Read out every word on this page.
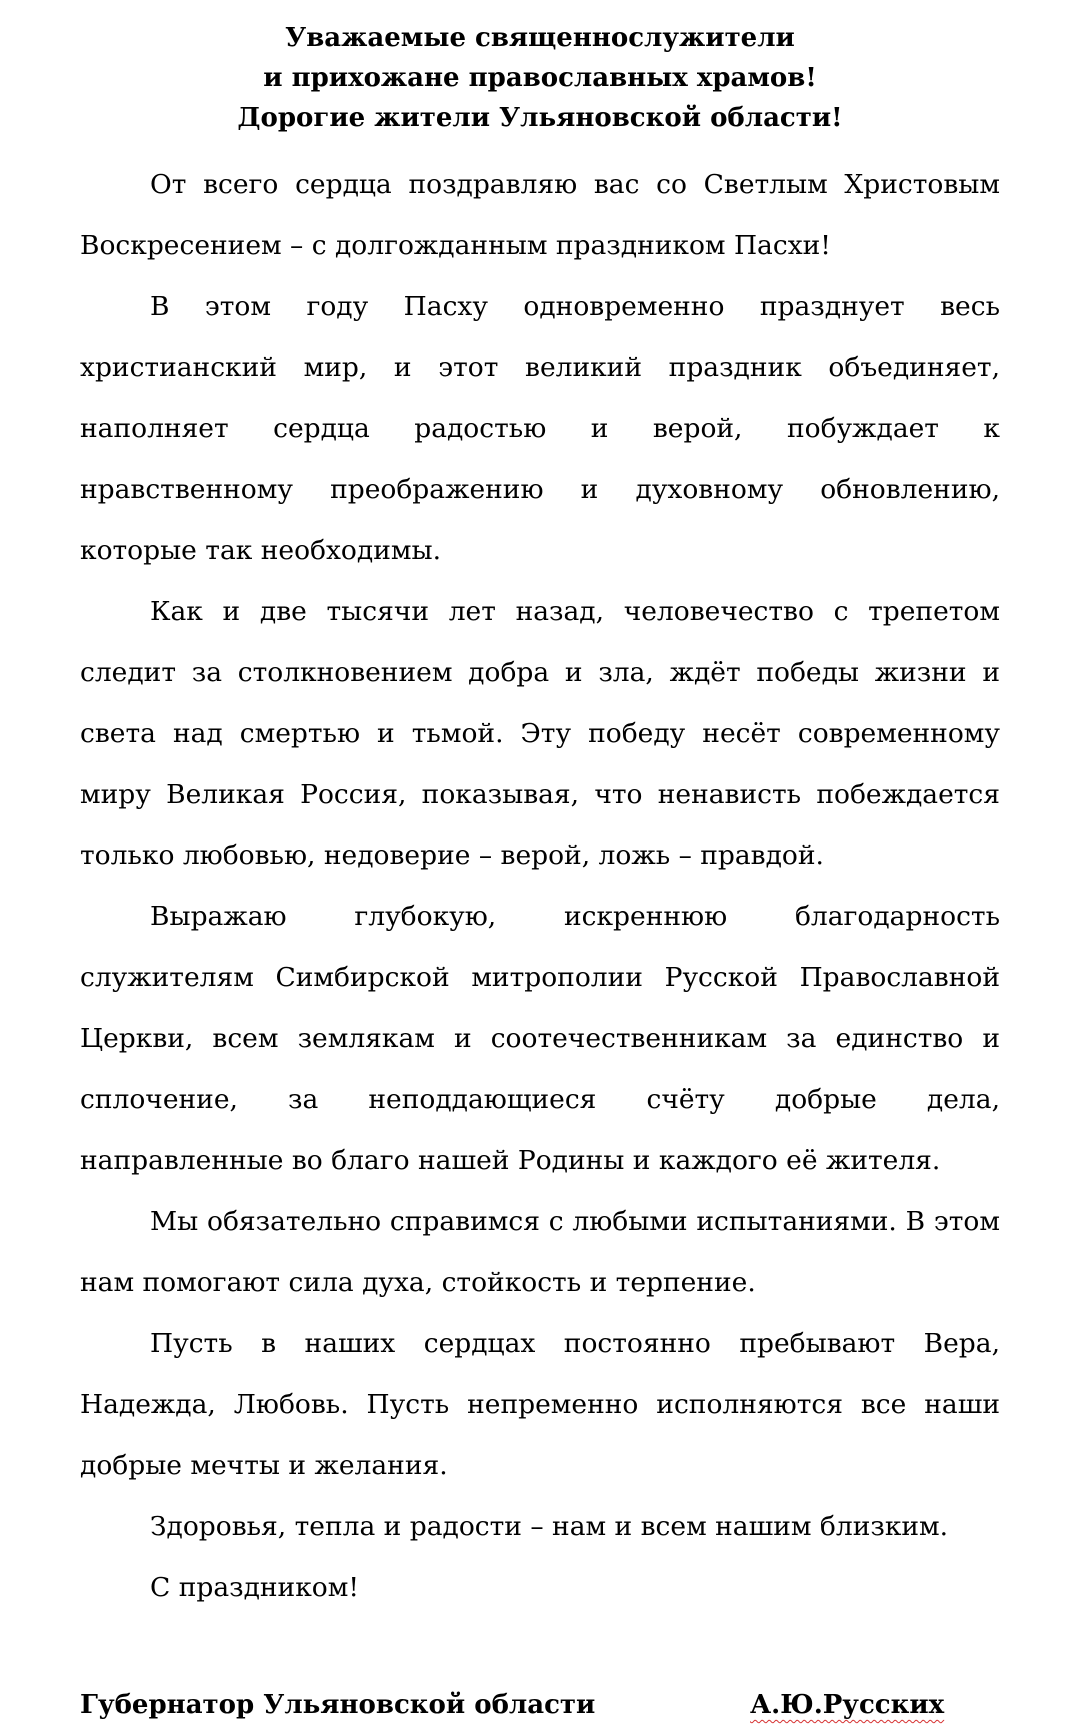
Уважаемые священнослужители
и прихожане православных храмов!
Дорогие жители Ульяновской области!

От всего сердца поздравляю вас со Светлым Христовым Воскресением – с долгожданным праздником Пасхи!

В этом году Пасху одновременно празднует весь христианский мир, и этот великий праздник объединяет, наполняет сердца радостью и верой, побуждает к нравственному преображению и духовному обновлению, которые так необходимы.

Как и две тысячи лет назад, человечество с трепетом следит за столкновением добра и зла, ждёт победы жизни и света над смертью и тьмой. Эту победу несёт современному миру Великая Россия, показывая, что ненависть побеждается только любовью, недоверие – верой, ложь – правдой.

Выражаю глубокую, искреннюю благодарность служителям Симбирской митрополии Русской Православной Церкви, всем землякам и соотечественникам за единство и сплочение, за неподдающиеся счёту добрые дела, направленные во благо нашей Родины и каждого её жителя.

Мы обязательно справимся с любыми испытаниями. В этом нам помогают сила духа, стойкость и терпение.

Пусть в наших сердцах постоянно пребывают Вера, Надежда, Любовь. Пусть непременно исполняются все наши добрые мечты и желания.

Здоровья, тепла и радости – нам и всем нашим близким.

С праздником!

Губернатор Ульяновской области	А.Ю.Русских
